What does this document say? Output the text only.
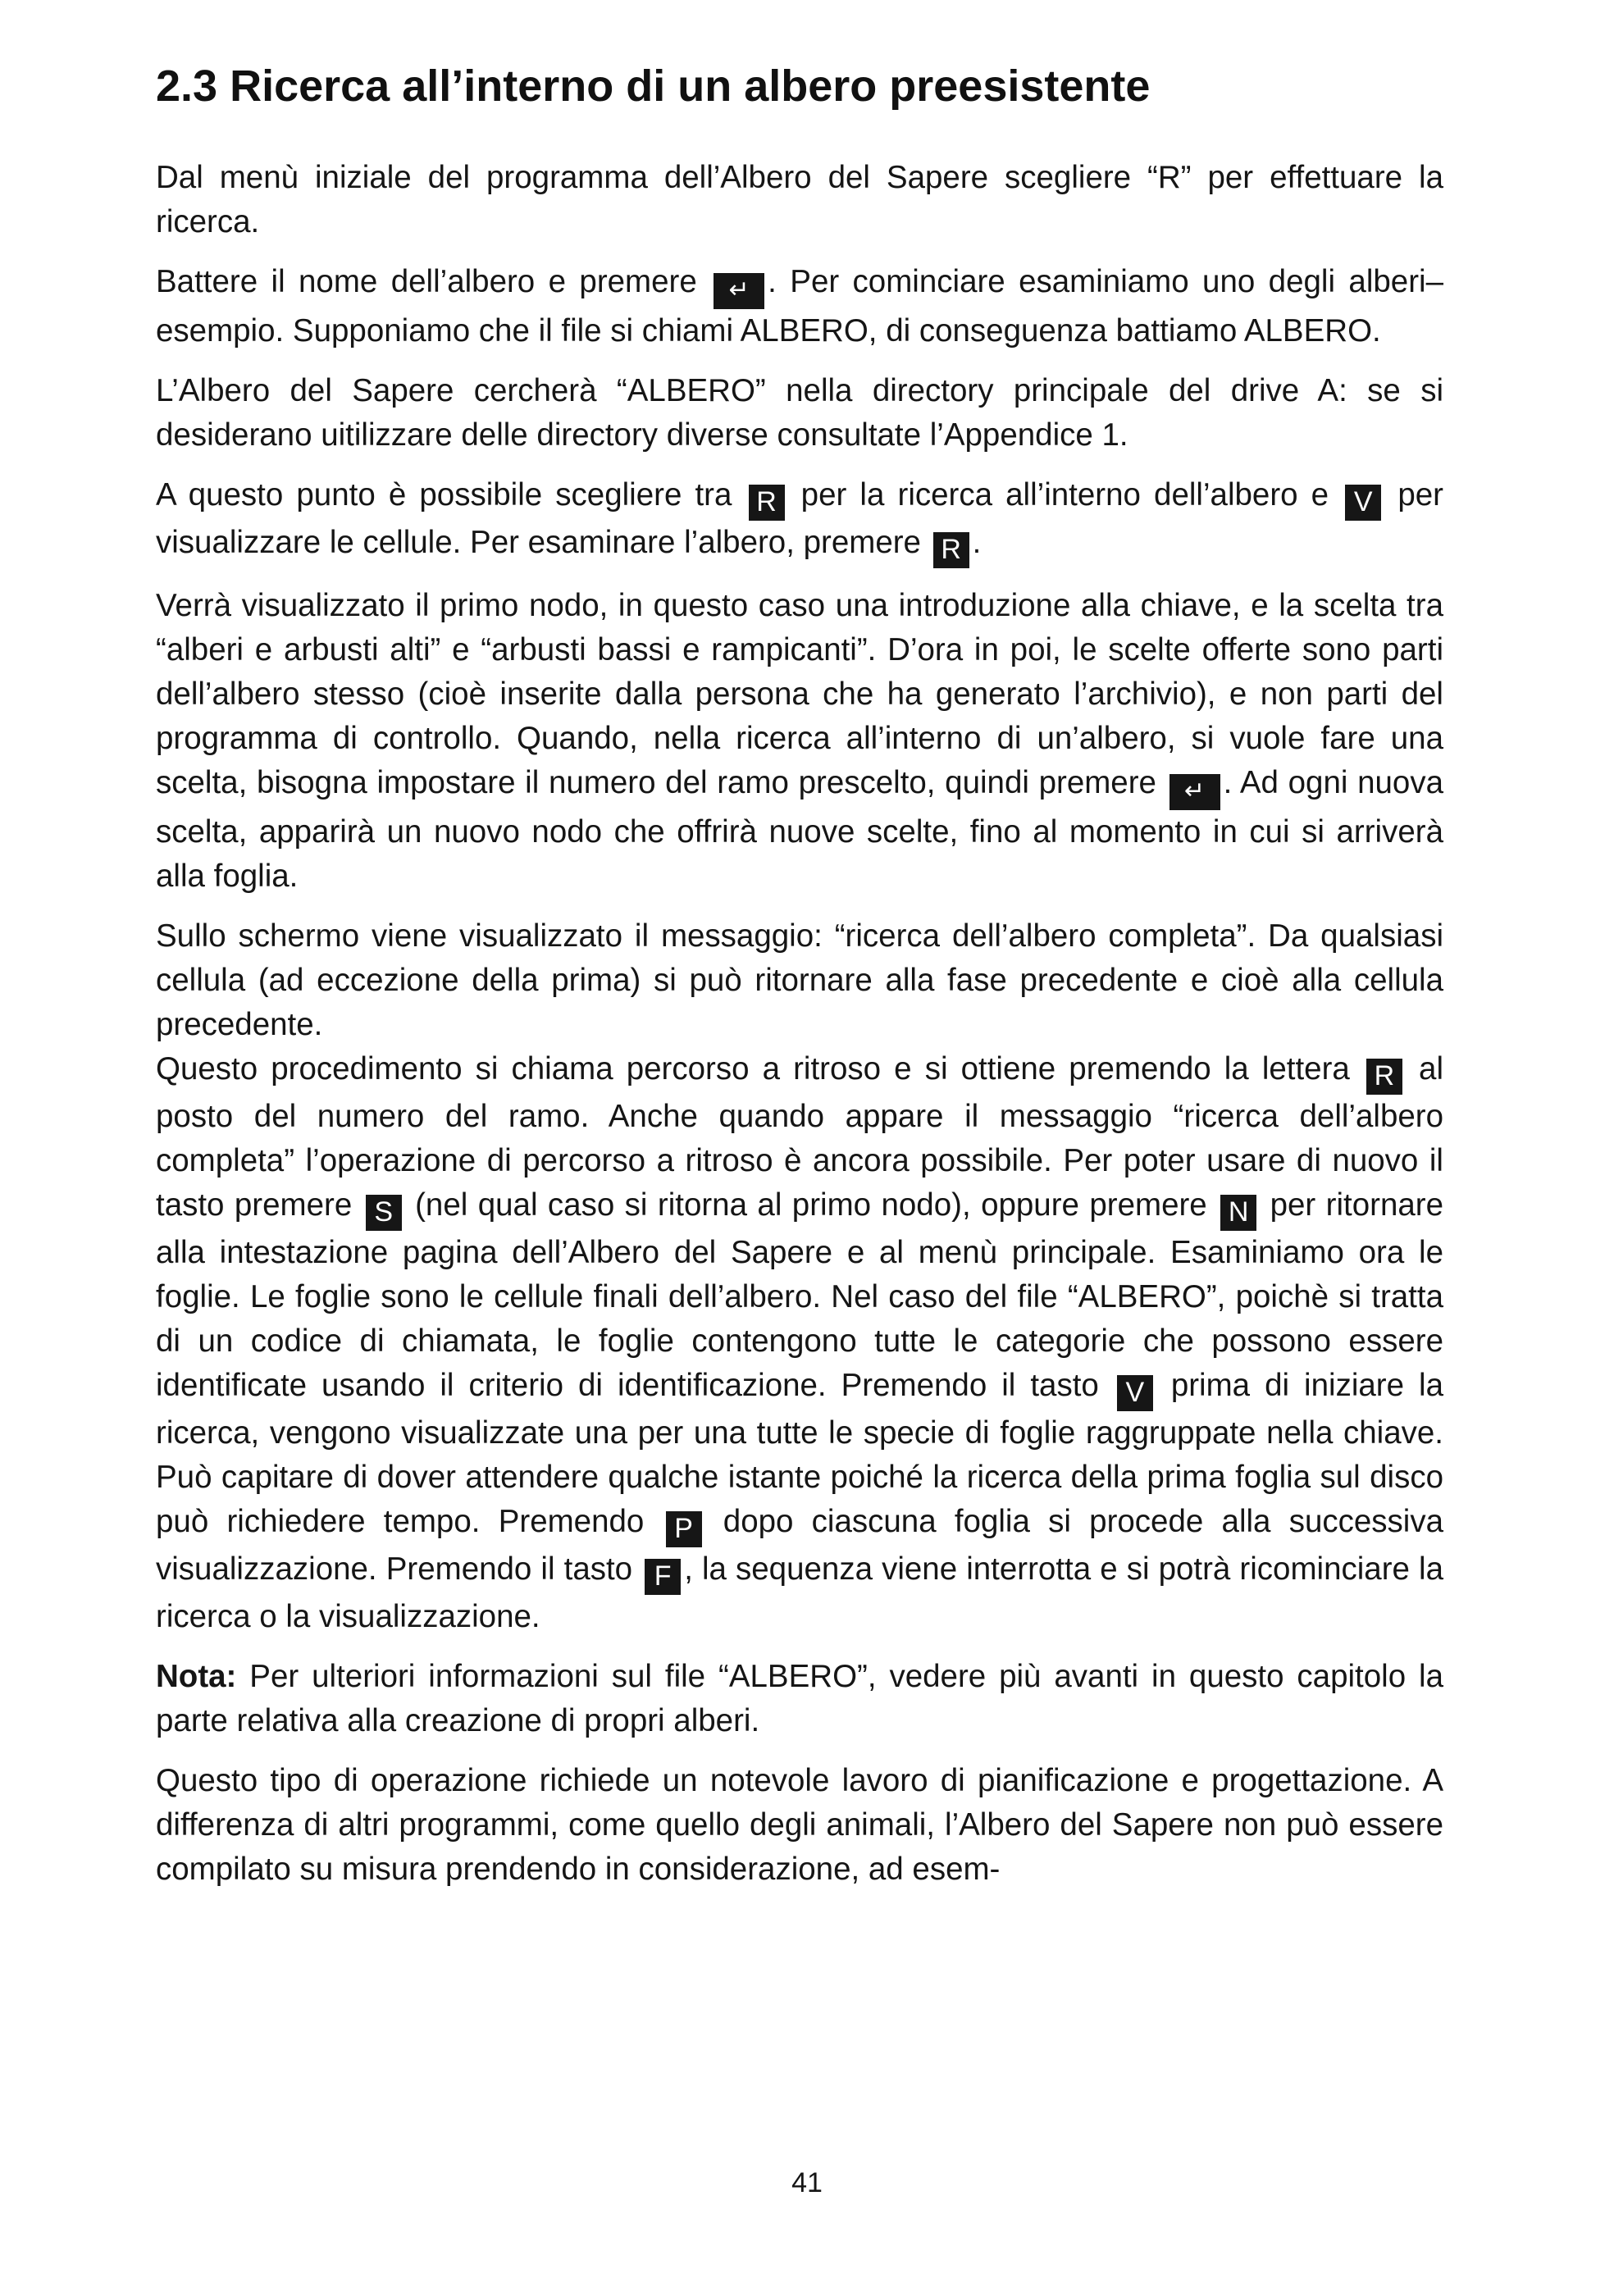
2.3 Ricerca all’interno di un albero preesistente

Dal menù iniziale del programma dell’Albero del Sapere scegliere “R” per effettuare la ricerca.

Battere il nome dell’albero e premere ↵ . Per cominciare esaminiamo uno degli alberi–esempio. Supponiamo che il file si chiami ALBERO, di conseguenza battiamo ALBERO.

L’Albero del Sapere cercherà “ALBERO” nella directory principale del drive A: se si desiderano uitilizzare delle directory diverse consultate l’Appendice 1.

A questo punto è possibile scegliere tra R per la ricerca all’interno dell’albero e V per visualizzare le cellule. Per esaminare l’albero, premere R .

Verrà visualizzato il primo nodo, in questo caso una introduzione alla chiave, e la scelta tra “alberi e arbusti alti” e “arbusti bassi e rampicanti”. D’ora in poi, le scelte offerte sono parti dell’albero stesso (cioè inserite dalla persona che ha generato l’archivio), e non parti del programma di controllo. Quando, nella ricerca all’interno di un’albero, si vuole fare una scelta, bisogna impostare il numero del ramo prescelto, quindi premere ↵ . Ad ogni nuova scelta, apparirà un nuovo nodo che offrirà nuove scelte, fino al momento in cui si arriverà alla foglia.

Sullo schermo viene visualizzato il messaggio: “ricerca dell’albero completa”. Da qualsiasi cellula (ad eccezione della prima) si può ritornare alla fase precedente e cioè alla cellula precedente.

Questo procedimento si chiama percorso a ritroso e si ottiene premendo la lettera R al posto del numero del ramo. Anche quando appare il messaggio “ricerca dell’albero completa” l’operazione di percorso a ritroso è ancora possibile. Per poter usare di nuovo il tasto premere S (nel qual caso si ritorna al primo nodo), oppure premere N per ritornare alla intestazione pagina dell’Albero del Sapere e al menù principale. Esaminiamo ora le foglie. Le foglie sono le cellule finali dell’albero. Nel caso del file “ALBERO”, poichè si tratta di un codice di chiamata, le foglie contengono tutte le categorie che possono essere identificate usando il criterio di identificazione. Premendo il tasto V prima di iniziare la ricerca, vengono visualizzate una per una tutte le specie di foglie raggruppate nella chiave. Può capitare di dover attendere qualche istante poiché la ricerca della prima foglia sul disco può richiedere tempo. Premendo P dopo ciascuna foglia si procede alla successiva visualizzazione. Premendo il tasto F , la sequenza viene interrotta e si potrà ricominciare la ricerca o la visualizzazione.

Nota: Per ulteriori informazioni sul file “ALBERO”, vedere più avanti in questo capitolo la parte relativa alla creazione di propri alberi.

Questo tipo di operazione richiede un notevole lavoro di pianificazione e progettazione. A differenza di altri programmi, come quello degli animali, l’Albero del Sapere non può essere compilato su misura prendendo in considerazione, ad esem-

41
